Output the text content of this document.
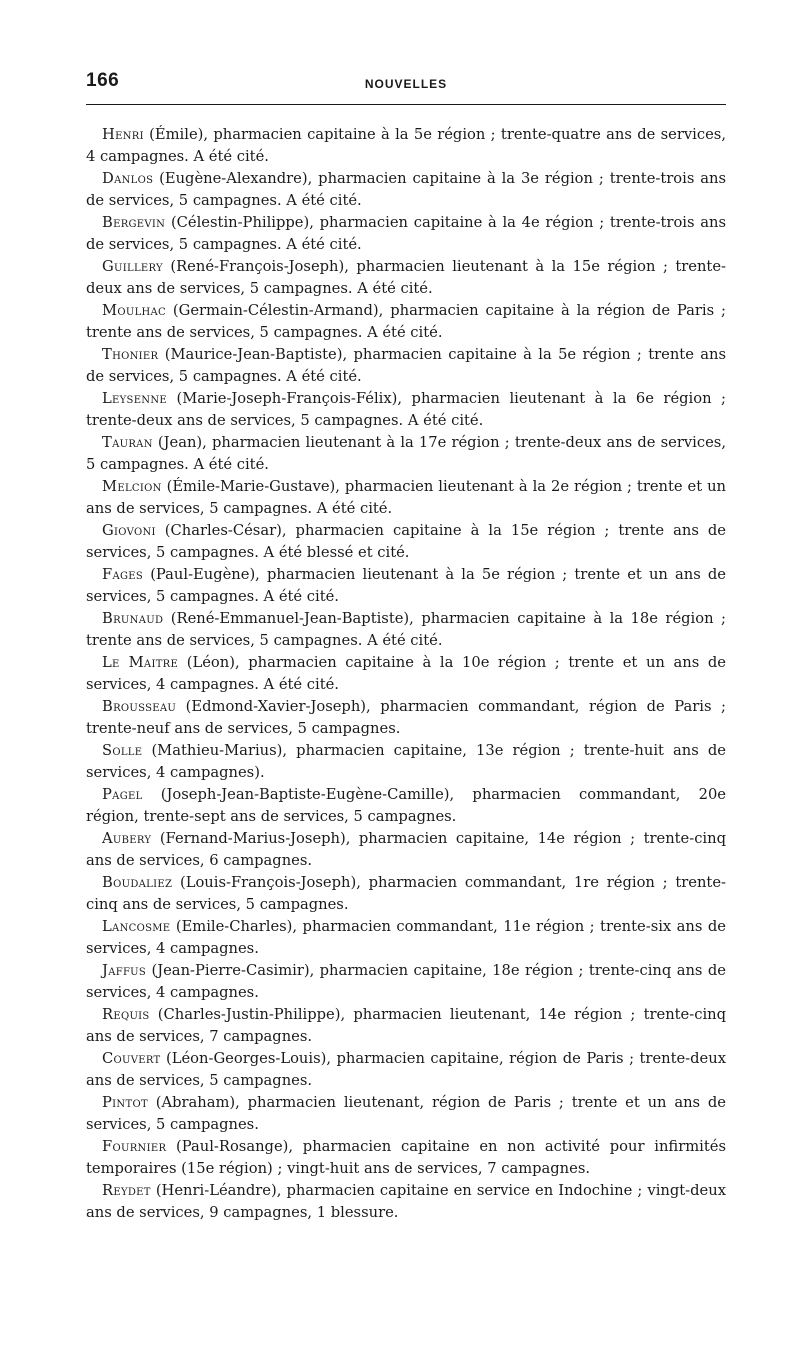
166	NOUVELLES

Henri (Émile), pharmacien capitaine à la 5e région ; trente-quatre ans de services, 4 campagnes. A été cité.

Danlos (Eugène-Alexandre), pharmacien capitaine à la 3e région ; trente-trois ans de services, 5 campagnes. A été cité.

Bergevin (Célestin-Philippe), pharmacien capitaine à la 4e région ; trente-trois ans de services, 5 campagnes. A été cité.

Guillery (René-François-Joseph), pharmacien lieutenant à la 15e région ; trente-deux ans de services, 5 campagnes. A été cité.

Moulhac (Germain-Célestin-Armand), pharmacien capitaine à la région de Paris ; trente ans de services, 5 campagnes. A été cité.

Thonier (Maurice-Jean-Baptiste), pharmacien capitaine à la 5e région ; trente ans de services, 5 campagnes. A été cité.

Leysenne (Marie-Joseph-François-Félix), pharmacien lieutenant à la 6e région ; trente-deux ans de services, 5 campagnes. A été cité.

Tauran (Jean), pharmacien lieutenant à la 17e région ; trente-deux ans de services, 5 campagnes. A été cité.

Melcion (Émile-Marie-Gustave), pharmacien lieutenant à la 2e région ; trente et un ans de services, 5 campagnes. A été cité.

Giovoni (Charles-César), pharmacien capitaine à la 15e région ; trente ans de services, 5 campagnes. A été blessé et cité.

Fages (Paul-Eugène), pharmacien lieutenant à la 5e région ; trente et un ans de services, 5 campagnes. A été cité.

Brunaud (René-Emmanuel-Jean-Baptiste), pharmacien capitaine à la 18e région ; trente ans de services, 5 campagnes. A été cité.

Le Maitre (Léon), pharmacien capitaine à la 10e région ; trente et un ans de services, 4 campagnes. A été cité.

Brousseau (Edmond-Xavier-Joseph), pharmacien commandant, région de Paris ; trente-neuf ans de services, 5 campagnes.

Solle (Mathieu-Marius), pharmacien capitaine, 13e région ; trente-huit ans de services, 4 campagnes).

Pagel (Joseph-Jean-Baptiste-Eugène-Camille), pharmacien commandant, 20e région, trente-sept ans de services, 5 campagnes.

Aubery (Fernand-Marius-Joseph), pharmacien capitaine, 14e région ; trente-cinq ans de services, 6 campagnes.

Boudaliez (Louis-François-Joseph), pharmacien commandant, 1re région ; trente-cinq ans de services, 5 campagnes.

Lancosme (Emile-Charles), pharmacien commandant, 11e région ; trente-six ans de services, 4 campagnes.

Jaffus (Jean-Pierre-Casimir), pharmacien capitaine, 18e région ; trente-cinq ans de services, 4 campagnes.

Requis (Charles-Justin-Philippe), pharmacien lieutenant, 14e région ; trente-cinq ans de services, 7 campagnes.

Couvert (Léon-Georges-Louis), pharmacien capitaine, région de Paris ; trente-deux ans de services, 5 campagnes.

Pintot (Abraham), pharmacien lieutenant, région de Paris ; trente et un ans de services, 5 campagnes.

Fournier (Paul-Rosange), pharmacien capitaine en non activité pour infirmités temporaires (15e région) ; vingt-huit ans de services, 7 campagnes.

Reydet (Henri-Léandre), pharmacien capitaine en service en Indochine ; vingt-deux ans de services, 9 campagnes, 1 blessure.
